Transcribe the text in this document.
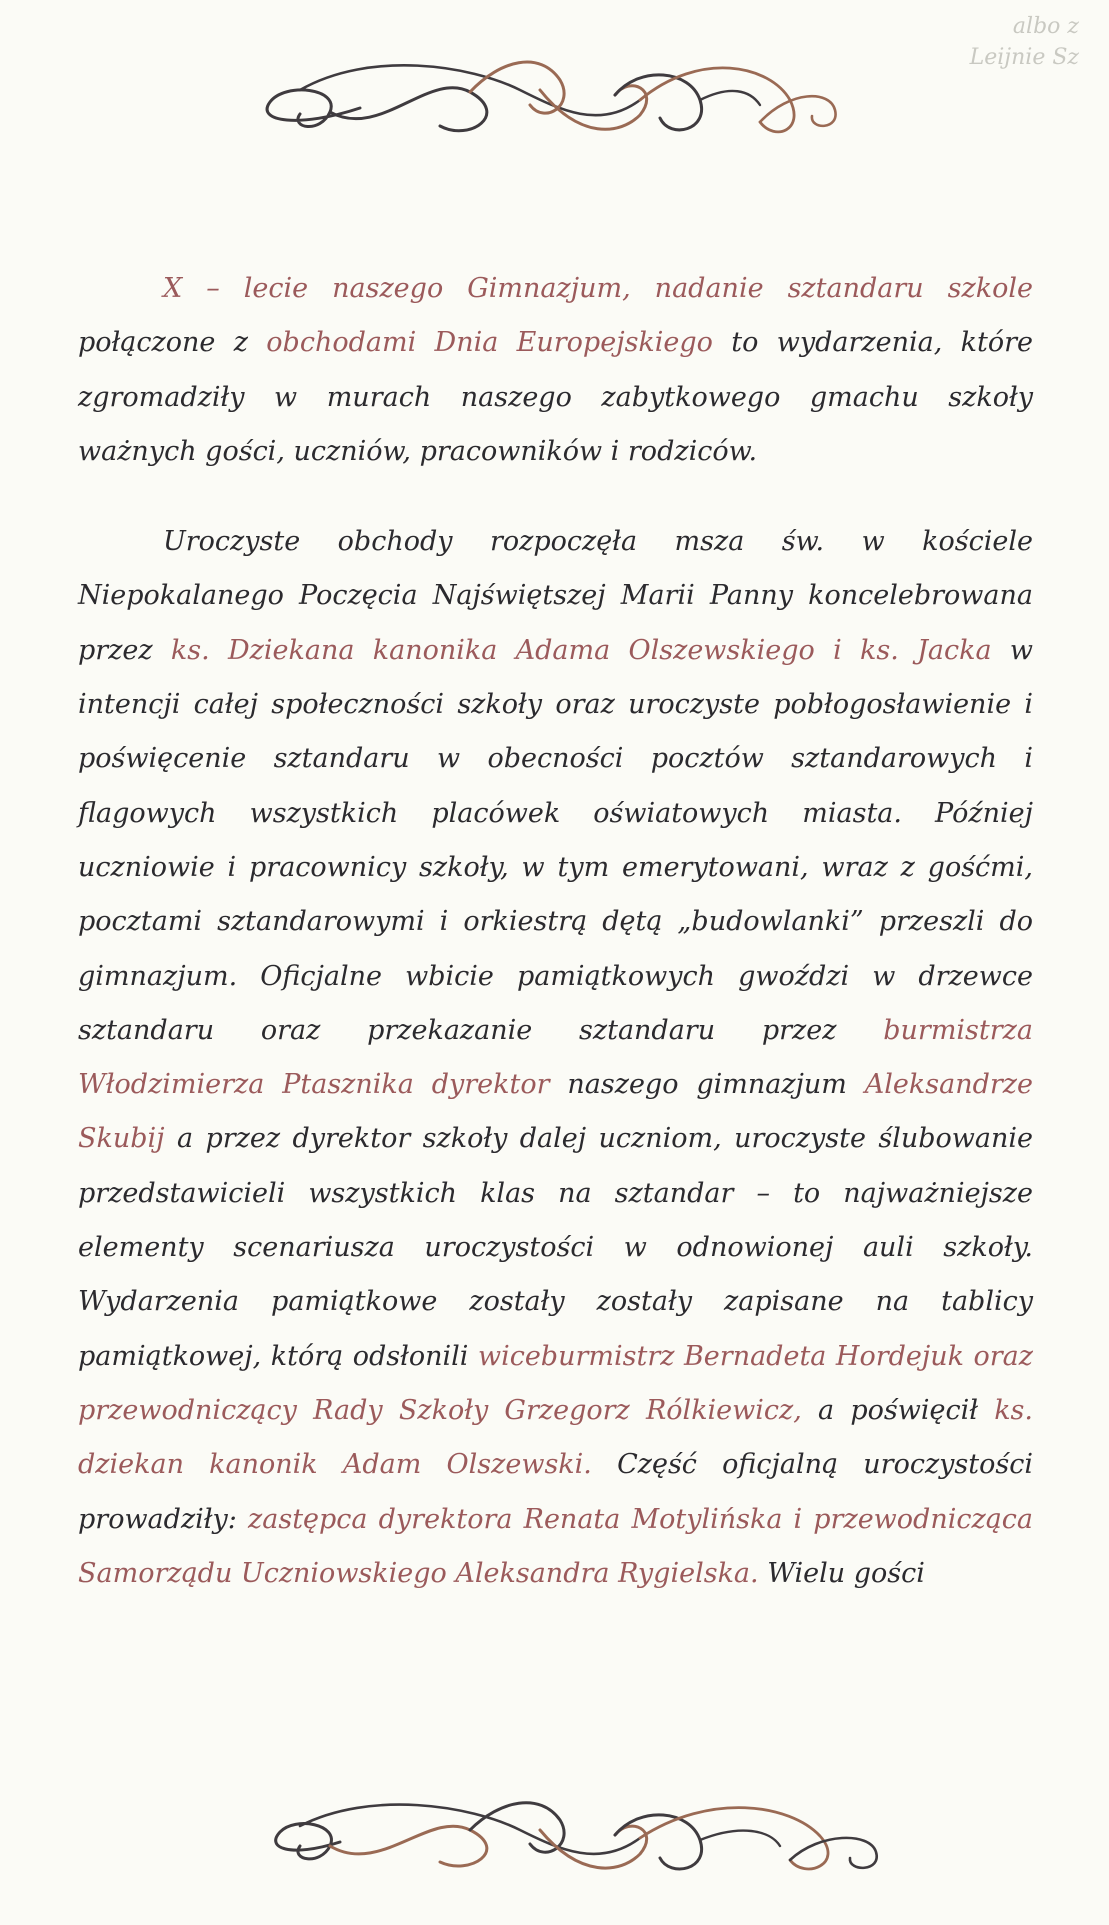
albo z
Leijnie Sz

X – lecie naszego Gimnazjum, nadanie sztandaru szkole połączone z obchodami Dnia Europejskiego to wydarzenia, które zgromadziły w murach naszego zabytkowego gmachu szkoły ważnych gości, uczniów, pracowników i rodziców.

Uroczyste obchody rozpoczęła msza św. w kościele Niepokalanego Poczęcia Najświętszej Marii Panny koncelebrowana przez ks. Dziekana kanonika Adama Olszewskiego i ks. Jacka w intencji całej społeczności szkoły oraz uroczyste pobłogosławienie i poświęcenie sztandaru w obecności pocztów sztandarowych i flagowych wszystkich placówek oświatowych miasta. Później uczniowie i pracownicy szkoły, w tym emerytowani, wraz z gośćmi, pocztami sztandarowymi i orkiestrą dętą „budowlanki” przeszli do gimnazjum. Oficjalne wbicie pamiątkowych gwoździ w drzewce sztandaru oraz przekazanie sztandaru przez burmistrza Włodzimierza Ptasznika dyrektor naszego gimnazjum Aleksandrze Skubij a przez dyrektor szkoły dalej uczniom, uroczyste ślubowanie przedstawicieli wszystkich klas na sztandar – to najważniejsze elementy scenariusza uroczystości w odnowionej auli szkoły. Wydarzenia pamiątkowe zostały zostały zapisane na tablicy pamiątkowej, którą odsłonili wiceburmistrz Bernadeta Hordejuk oraz przewodniczący Rady Szkoły Grzegorz Rólkiewicz, a poświęcił ks. dziekan kanonik Adam Olszewski. Część oficjalną uroczystości prowadziły: zastępca dyrektora Renata Motylińska i przewodnicząca Samorządu Uczniowskiego Aleksandra Rygielska. Wielu gości
